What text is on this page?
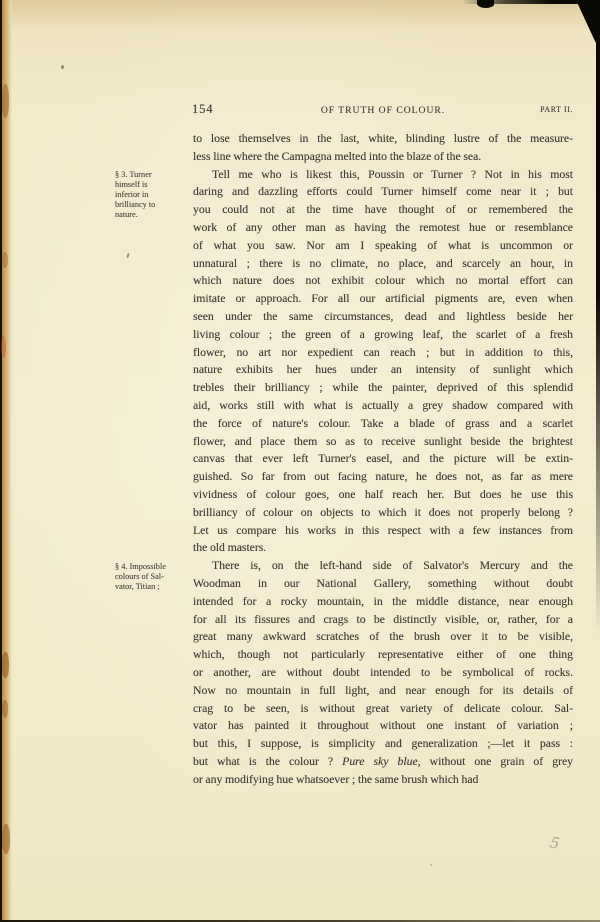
154	OF TRUTH OF COLOUR.	PART II.
§ 3. Turner
himself is
inferior in
brilliancy to
nature.
§ 4. Impossible
colours of Sal-
vator, Titian ;
to lose themselves in the last, white, blinding lustre of the measure-
less line where the Campagna melted into the blaze of the sea.
Tell me who is likest this, Poussin or Turner ? Not in his most
daring and dazzling efforts could Turner himself come near it ; but
you could not at the time have thought of or remembered the
work of any other man as having the remotest hue or resemblance
of what you saw. Nor am I speaking of what is uncommon or
unnatural ; there is no climate, no place, and scarcely an hour, in
which nature does not exhibit colour which no mortal effort can
imitate or approach. For all our artificial pigments are, even when
seen under the same circumstances, dead and lightless beside her
living colour ; the green of a growing leaf, the scarlet of a fresh
flower, no art nor expedient can reach ; but in addition to this,
nature exhibits her hues under an intensity of sunlight which
trebles their brilliancy ; while the painter, deprived of this splendid
aid, works still with what is actually a grey shadow compared with
the force of nature's colour. Take a blade of grass and a scarlet
flower, and place them so as to receive sunlight beside the brightest
canvas that ever left Turner's easel, and the picture will be extin-
guished. So far from out facing nature, he does not, as far as mere
vividness of colour goes, one half reach her. But does he use this
brilliancy of colour on objects to which it does not properly belong ?
Let us compare his works in this respect with a few instances from
the old masters.
There is, on the left-hand side of Salvator's Mercury and the
Woodman in our National Gallery, something without doubt
intended for a rocky mountain, in the middle distance, near enough
for all its fissures and crags to be distinctly visible, or, rather, for a
great many awkward scratches of the brush over it to be visible,
which, though not particularly representative either of one thing
or another, are without doubt intended to be symbolical of rocks.
Now no mountain in full light, and near enough for its details of
crag to be seen, is without great variety of delicate colour. Sal-
vator has painted it throughout without one instant of variation ;
but this, I suppose, is simplicity and generalization ;—let it pass :
but what is the colour ? Pure sky blue, without one grain of grey
or any modifying hue whatsoever ; the same brush which had
5
